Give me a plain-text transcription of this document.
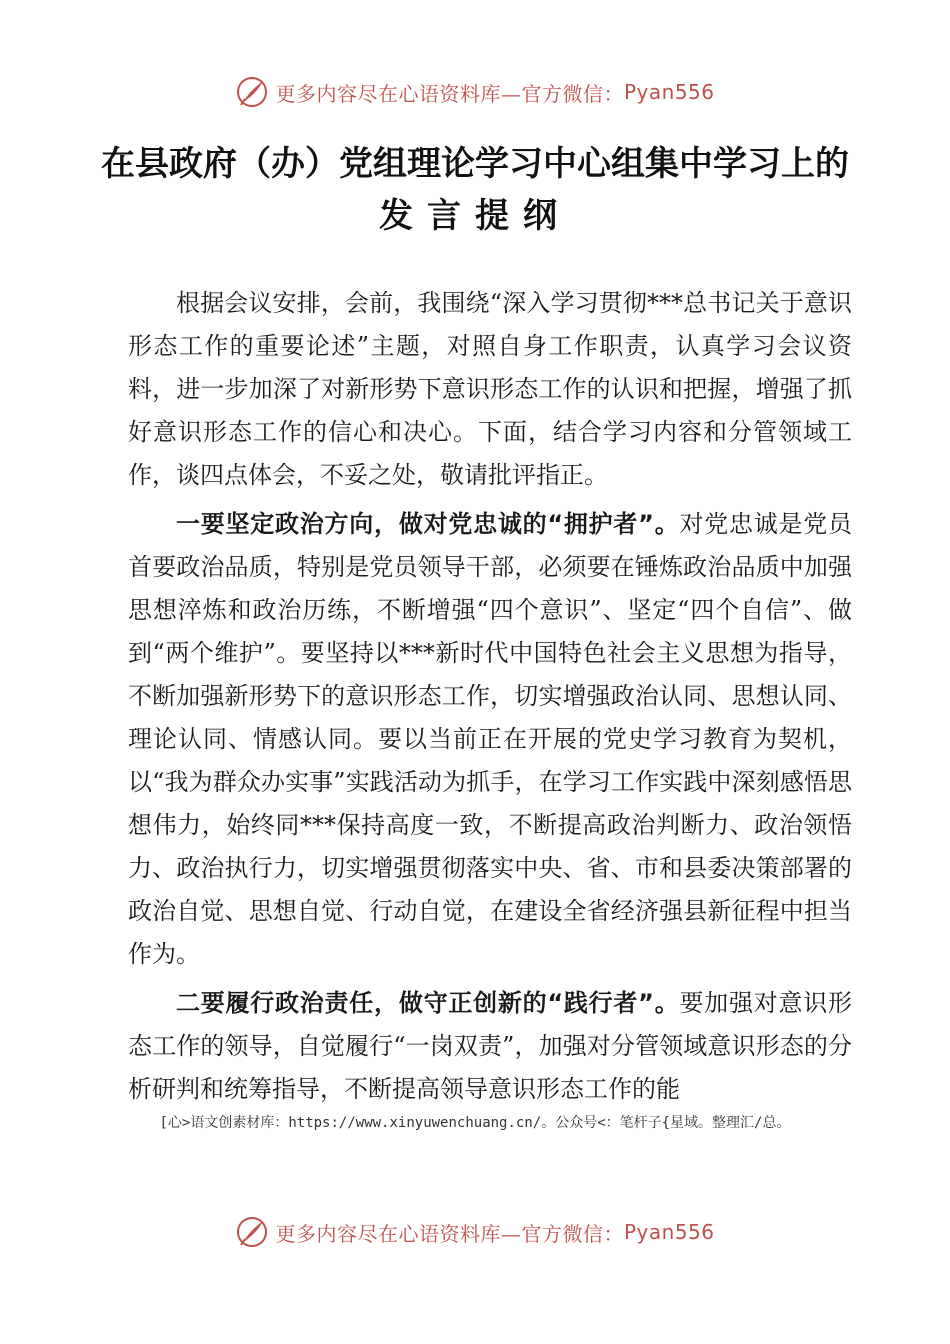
更多内容尽在心语资料库—官方微信： Pyan556
在县政府（办）党组理论学习中心组集中学习上的
发言提纲

根据会议安排，会前，我围绕“深入学习贯彻***总书记关于意识形态工作的重要论述”主题，对照自身工作职责，认真学习会议资料，进一步加深了对新形势下意识形态工作的认识和把握，增强了抓好意识形态工作的信心和决心。下面，结合学习内容和分管领域工作，谈四点体会，不妥之处，敬请批评指正。

一要坚定政治方向，做对党忠诚的“拥护者”。对党忠诚是党员首要政治品质，特别是党员领导干部，必须要在锤炼政治品质中加强思想淬炼和政治历练，不断增强“四个意识”、坚定“四个自信”、做到“两个维护”。要坚持以***新时代中国特色社会主义思想为指导，不断加强新形势下的意识形态工作，切实增强政治认同、思想认同、理论认同、情感认同。要以当前正在开展的党史学习教育为契机，以“我为群众办实事”实践活动为抓手，在学习工作实践中深刻感悟思想伟力，始终同***保持高度一致，不断提高政治判断力、政治领悟力、政治执行力，切实增强贯彻落实中央、省、市和县委决策部署的政治自觉、思想自觉、行动自觉，在建设全省经济强县新征程中担当作为。

二要履行政治责任，做守正创新的“践行者”。要加强对意识形态工作的领导，自觉履行“一岗双责”，加强对分管领域意识形态的分析研判和统筹指导，不断提高领导意识形态工作的能

[心>语文创素材库：https://www.xinyuwenchuang.cn/。公众号<：笔杆子{星域。整理汇/总。
更多内容尽在心语资料库—官方微信： Pyan556
